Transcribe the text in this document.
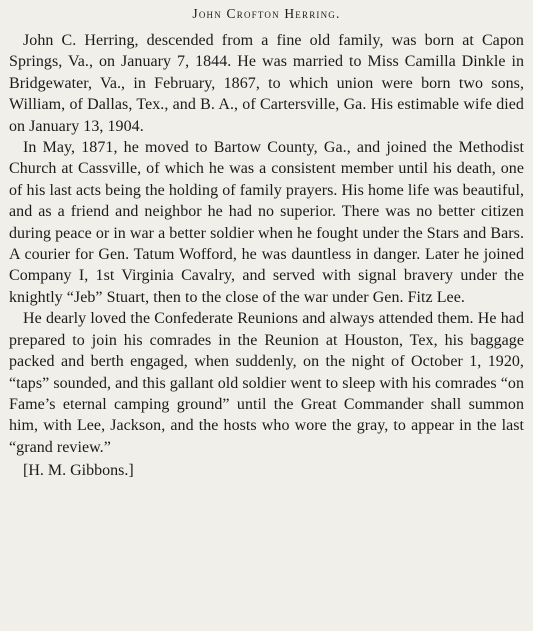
John Crofton Herring.

John C. Herring, descended from a fine old family, was born at Capon Springs, Va., on January 7, 1844. He was married to Miss Camilla Dinkle in Bridgewater, Va., in February, 1867, to which union were born two sons, William, of Dallas, Tex., and B. A., of Cartersville, Ga. His estimable wife died on January 13, 1904.

In May, 1871, he moved to Bartow County, Ga., and joined the Methodist Church at Cassville, of which he was a consistent member until his death, one of his last acts being the holding of family prayers. His home life was beautiful, and as a friend and neighbor he had no superior. There was no better citizen during peace or in war a better soldier when he fought under the Stars and Bars. A courier for Gen. Tatum Wofford, he was dauntless in danger. Later he joined Company I, 1st Virginia Cavalry, and served with signal bravery under the knightly “Jeb” Stuart, then to the close of the war under Gen. Fitz Lee.

He dearly loved the Confederate Reunions and always attended them. He had prepared to join his comrades in the Reunion at Houston, Tex, his baggage packed and berth engaged, when suddenly, on the night of October 1, 1920, “taps” sounded, and this gallant old soldier went to sleep with his comrades “on Fame’s eternal camping ground” until the Great Commander shall summon him, with Lee, Jackson, and the hosts who wore the gray, to appear in the last “grand review.”

[H. M. Gibbons.]
